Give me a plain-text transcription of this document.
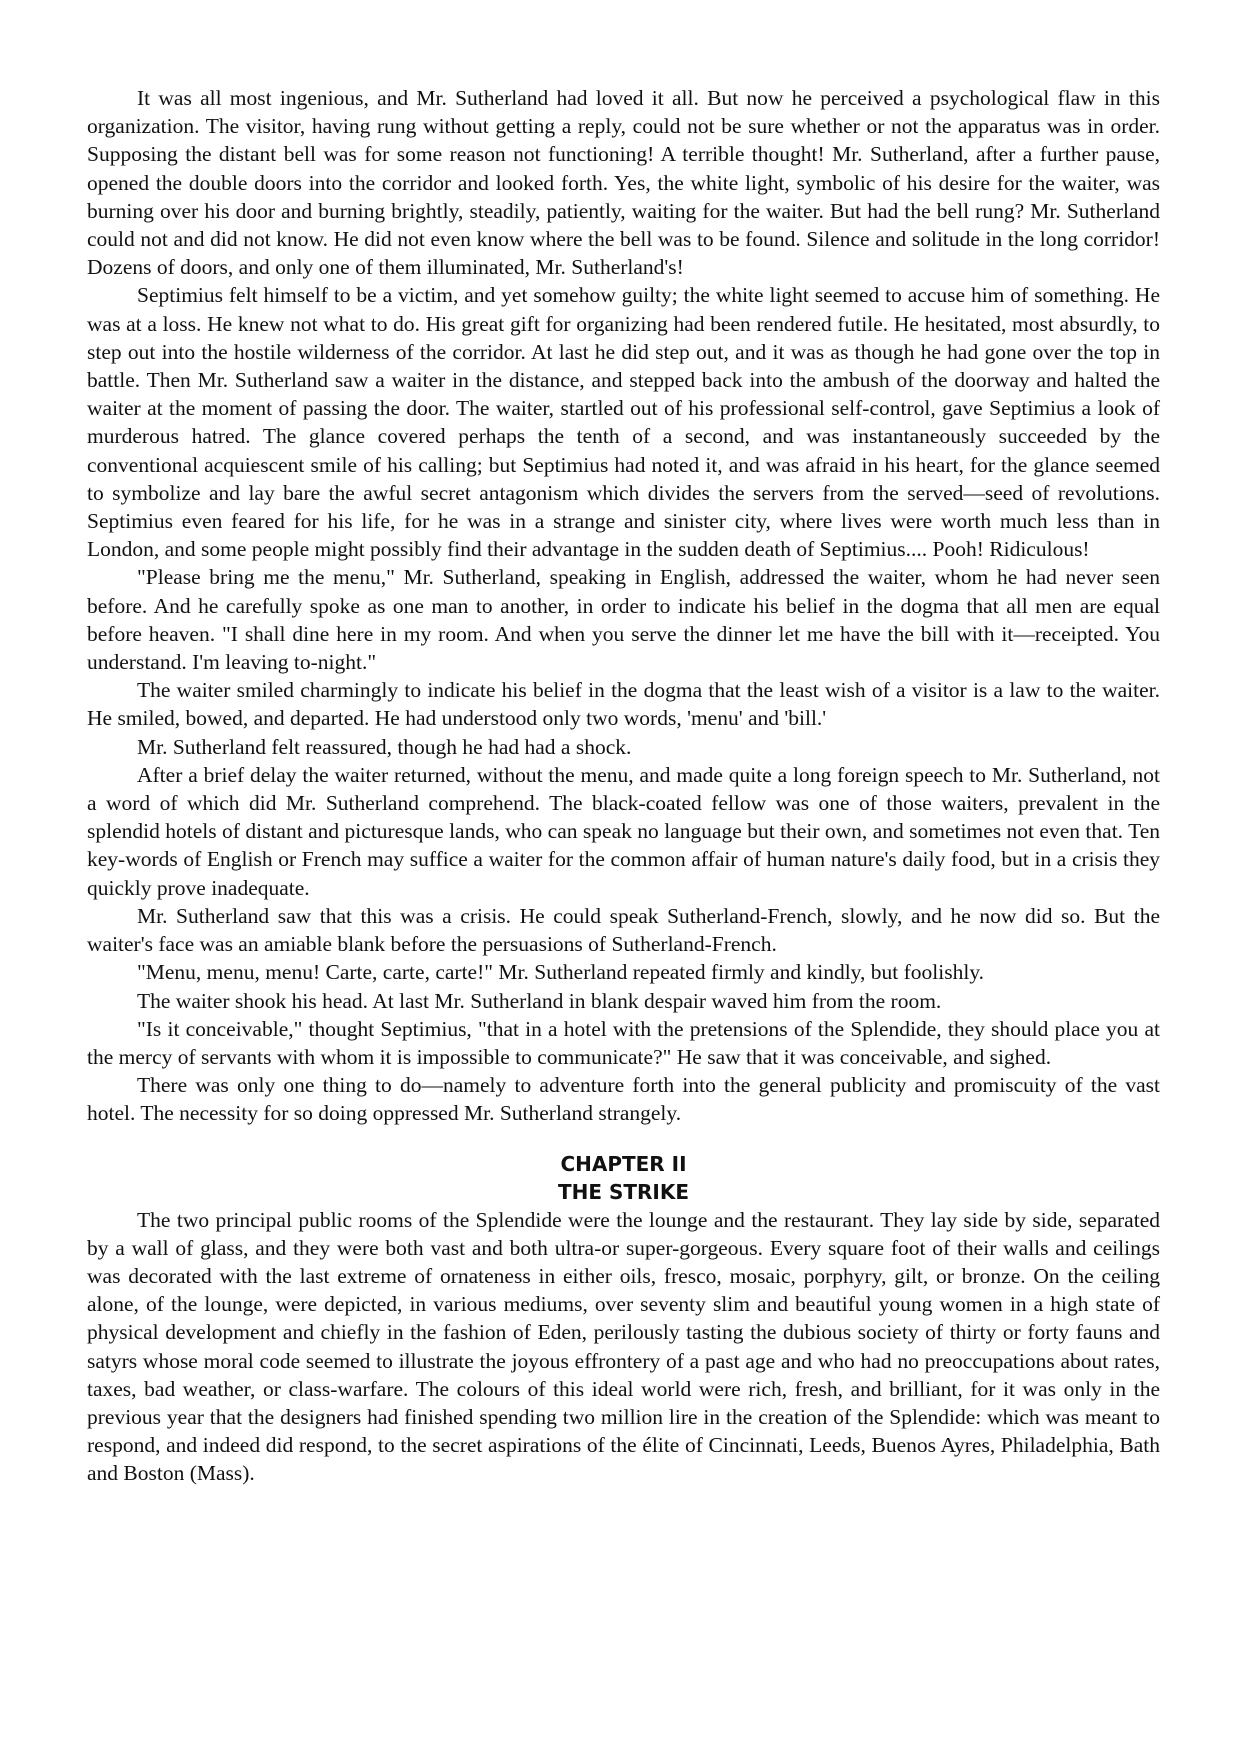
It was all most ingenious, and Mr. Sutherland had loved it all. But now he perceived a psychological flaw in this organization. The visitor, having rung without getting a reply, could not be sure whether or not the apparatus was in order. Supposing the distant bell was for some reason not functioning! A terrible thought! Mr. Sutherland, after a further pause, opened the double doors into the corridor and looked forth. Yes, the white light, symbolic of his desire for the waiter, was burning over his door and burning brightly, steadily, patiently, waiting for the waiter. But had the bell rung? Mr. Sutherland could not and did not know. He did not even know where the bell was to be found. Silence and solitude in the long corridor! Dozens of doors, and only one of them illuminated, Mr. Sutherland's!

Septimius felt himself to be a victim, and yet somehow guilty; the white light seemed to accuse him of something. He was at a loss. He knew not what to do. His great gift for organizing had been rendered futile. He hesitated, most absurdly, to step out into the hostile wilderness of the corridor. At last he did step out, and it was as though he had gone over the top in battle. Then Mr. Sutherland saw a waiter in the distance, and stepped back into the ambush of the doorway and halted the waiter at the moment of passing the door. The waiter, startled out of his professional self-control, gave Septimius a look of murderous hatred. The glance covered perhaps the tenth of a second, and was instantaneously succeeded by the conventional acquiescent smile of his calling; but Septimius had noted it, and was afraid in his heart, for the glance seemed to symbolize and lay bare the awful secret antagonism which divides the servers from the served—seed of revolutions. Septimius even feared for his life, for he was in a strange and sinister city, where lives were worth much less than in London, and some people might possibly find their advantage in the sudden death of Septimius.... Pooh! Ridiculous!

"Please bring me the menu," Mr. Sutherland, speaking in English, addressed the waiter, whom he had never seen before. And he carefully spoke as one man to another, in order to indicate his belief in the dogma that all men are equal before heaven. "I shall dine here in my room. And when you serve the dinner let me have the bill with it—receipted. You understand. I'm leaving to-night."

The waiter smiled charmingly to indicate his belief in the dogma that the least wish of a visitor is a law to the waiter. He smiled, bowed, and departed. He had understood only two words, 'menu' and 'bill.'

Mr. Sutherland felt reassured, though he had had a shock.

After a brief delay the waiter returned, without the menu, and made quite a long foreign speech to Mr. Sutherland, not a word of which did Mr. Sutherland comprehend. The black-coated fellow was one of those waiters, prevalent in the splendid hotels of distant and picturesque lands, who can speak no language but their own, and sometimes not even that. Ten key-words of English or French may suffice a waiter for the common affair of human nature's daily food, but in a crisis they quickly prove inadequate.

Mr. Sutherland saw that this was a crisis. He could speak Sutherland-French, slowly, and he now did so. But the waiter's face was an amiable blank before the persuasions of Sutherland-French.

"Menu, menu, menu! Carte, carte, carte!" Mr. Sutherland repeated firmly and kindly, but foolishly.

The waiter shook his head. At last Mr. Sutherland in blank despair waved him from the room.

"Is it conceivable," thought Septimius, "that in a hotel with the pretensions of the Splendide, they should place you at the mercy of servants with whom it is impossible to communicate?" He saw that it was conceivable, and sighed.

There was only one thing to do—namely to adventure forth into the general publicity and promiscuity of the vast hotel. The necessity for so doing oppressed Mr. Sutherland strangely.

CHAPTER II
THE STRIKE

The two principal public rooms of the Splendide were the lounge and the restaurant. They lay side by side, separated by a wall of glass, and they were both vast and both ultra-or super-gorgeous. Every square foot of their walls and ceilings was decorated with the last extreme of ornateness in either oils, fresco, mosaic, porphyry, gilt, or bronze. On the ceiling alone, of the lounge, were depicted, in various mediums, over seventy slim and beautiful young women in a high state of physical development and chiefly in the fashion of Eden, perilously tasting the dubious society of thirty or forty fauns and satyrs whose moral code seemed to illustrate the joyous effrontery of a past age and who had no preoccupations about rates, taxes, bad weather, or class-warfare. The colours of this ideal world were rich, fresh, and brilliant, for it was only in the previous year that the designers had finished spending two million lire in the creation of the Splendide: which was meant to respond, and indeed did respond, to the secret aspirations of the élite of Cincinnati, Leeds, Buenos Ayres, Philadelphia, Bath and Boston (Mass).
